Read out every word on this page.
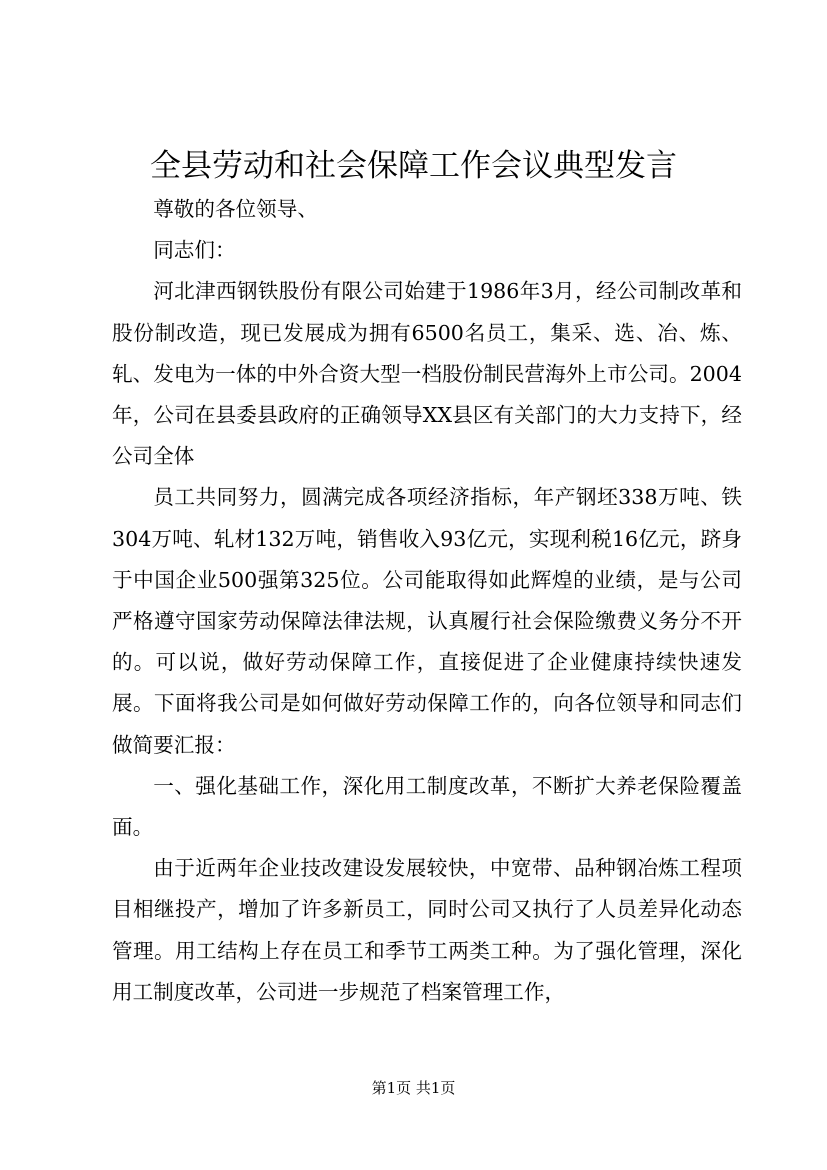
全县劳动和社会保障工作会议典型发言

尊敬的各位领导、

同志们：

河北津西钢铁股份有限公司始建于1986年3月，经公司制改革和股份制改造，现已发展成为拥有6500名员工，集采、选、冶、炼、轧、发电为一体的中外合资大型一档股份制民营海外上市公司。2004年，公司在县委县政府的正确领导XX县区有关部门的大力支持下，经公司全体

员工共同努力，圆满完成各项经济指标，年产钢坯338万吨、铁304万吨、轧材132万吨，销售收入93亿元，实现利税16亿元，跻身于中国企业500强第325位。公司能取得如此辉煌的业绩，是与公司严格遵守国家劳动保障法律法规，认真履行社会保险缴费义务分不开的。可以说，做好劳动保障工作，直接促进了企业健康持续快速发展。下面将我公司是如何做好劳动保障工作的，向各位领导和同志们做简要汇报：

一、强化基础工作，深化用工制度改革，不断扩大养老保险覆盖面。

由于近两年企业技改建设发展较快，中宽带、品种钢冶炼工程项目相继投产，增加了许多新员工，同时公司又执行了人员差异化动态管理。用工结构上存在员工和季节工两类工种。为了强化管理，深化用工制度改革，公司进一步规范了档案管理工作，

第1页 共1页
